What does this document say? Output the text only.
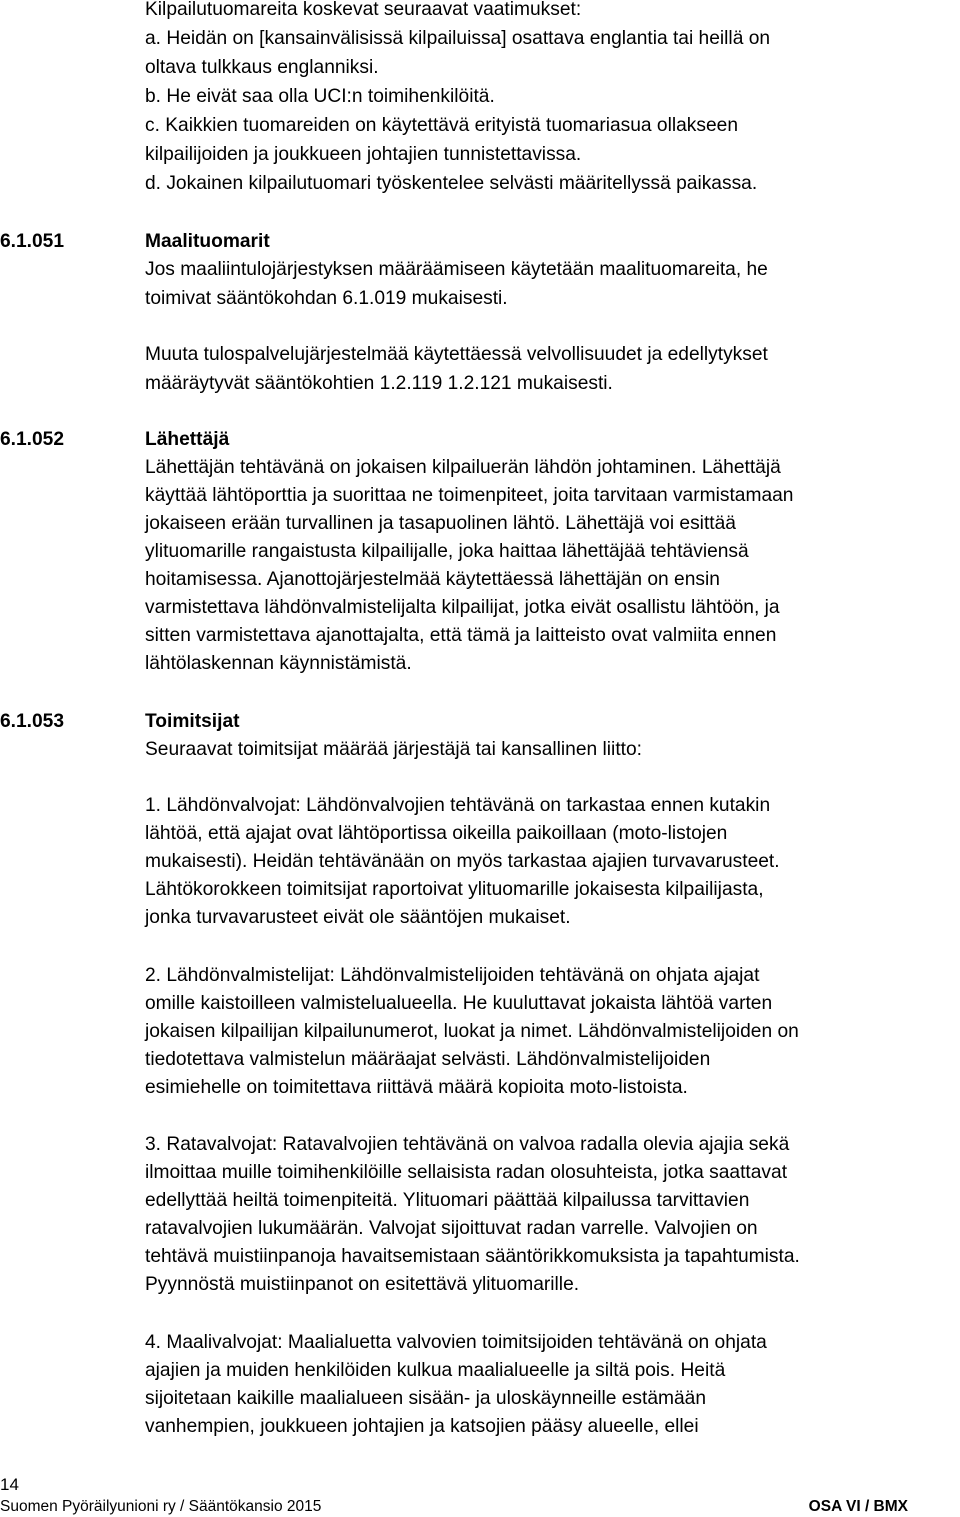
Kilpailutuomareita koskevat seuraavat vaatimukset:
a. Heidän on [kansainvälisissä kilpailuissa] osattava englantia tai heillä on
oltava tulkkaus englanniksi.
b. He eivät saa olla UCI:n toimihenkilöitä.
c. Kaikkien tuomareiden on käytettävä erityistä tuomariasua ollakseen
kilpailijoiden ja joukkueen johtajien tunnistettavissa.
d. Jokainen kilpailutuomari työskentelee selvästi määritellyssä paikassa.
6.1.051	Maalituomarit
Jos maaliintulojärjestyksen määräämiseen käytetään maalituomareita, he
toimivat sääntökohdan 6.1.019 mukaisesti.
Muuta tulospalvelujärjestelmää käytettäessä velvollisuudet ja edellytykset
määräytyvät sääntökohtien 1.2.119 1.2.121 mukaisesti.
6.1.052	Lähettäjä
Lähettäjän tehtävänä on jokaisen kilpailuerän lähdön johtaminen. Lähettäjä
käyttää lähtöporttia ja suorittaa ne toimenpiteet, joita tarvitaan varmistamaan
jokaiseen erään turvallinen ja tasapuolinen lähtö. Lähettäjä voi esittää
ylituomarille rangaistusta kilpailijalle, joka haittaa lähettäjää tehtäviensä
hoitamisessa. Ajanottojärjestelmää käytettäessä lähettäjän on ensin
varmistettava lähdönvalmistelijalta kilpailijat, jotka eivät osallistu lähtöön, ja
sitten varmistettava ajanottajalta, että tämä ja laitteisto ovat valmiita ennen
lähtölaskennan käynnistämistä.
6.1.053	Toimitsijat
Seuraavat toimitsijat määrää järjestäjä tai kansallinen liitto:
1. Lähdönvalvojat: Lähdönvalvojien tehtävänä on tarkastaa ennen kutakin
lähtöä, että ajajat ovat lähtöportissa oikeilla paikoillaan (moto-listojen
mukaisesti). Heidän tehtävänään on myös tarkastaa ajajien turvavarusteet.
Lähtökorokkeen toimitsijat raportoivat ylituomarille jokaisesta kilpailijasta,
jonka turvavarusteet eivät ole sääntöjen mukaiset.
2. Lähdönvalmistelijat: Lähdönvalmistelijoiden tehtävänä on ohjata ajajat
omille kaistoilleen valmistelualueella. He kuuluttavat jokaista lähtöä varten
jokaisen kilpailijan kilpailunumerot, luokat ja nimet. Lähdönvalmistelijoiden on
tiedotettava valmistelun määräajat selvästi. Lähdönvalmistelijoiden
esimiehelle on toimitettava riittävä määrä kopioita moto-listoista.
3. Ratavalvojat: Ratavalvojien tehtävänä on valvoa radalla olevia ajajia sekä
ilmoittaa muille toimihenkilöille sellaisista radan olosuhteista, jotka saattavat
edellyttää heiltä toimenpiteitä. Ylituomari päättää kilpailussa tarvittavien
ratavalvojien lukumäärän. Valvojat sijoittuvat radan varrelle. Valvojien on
tehtävä muistiinpanoja havaitsemistaan sääntörikkomuksista ja tapahtumista.
Pyynnöstä muistiinpanot on esitettävä ylituomarille.
4. Maalivalvojat: Maalialuetta valvovien toimitsijoiden tehtävänä on ohjata
ajajien ja muiden henkilöiden kulkua maalialueelle ja siltä pois. Heitä
sijoitetaan kaikille maalialueen sisään- ja uloskäynneille estämään
vanhempien, joukkueen johtajien ja katsojien pääsy alueelle, ellei
14
Suomen Pyöräilyunioni ry / Sääntökansio 2015	OSA VI / BMX
